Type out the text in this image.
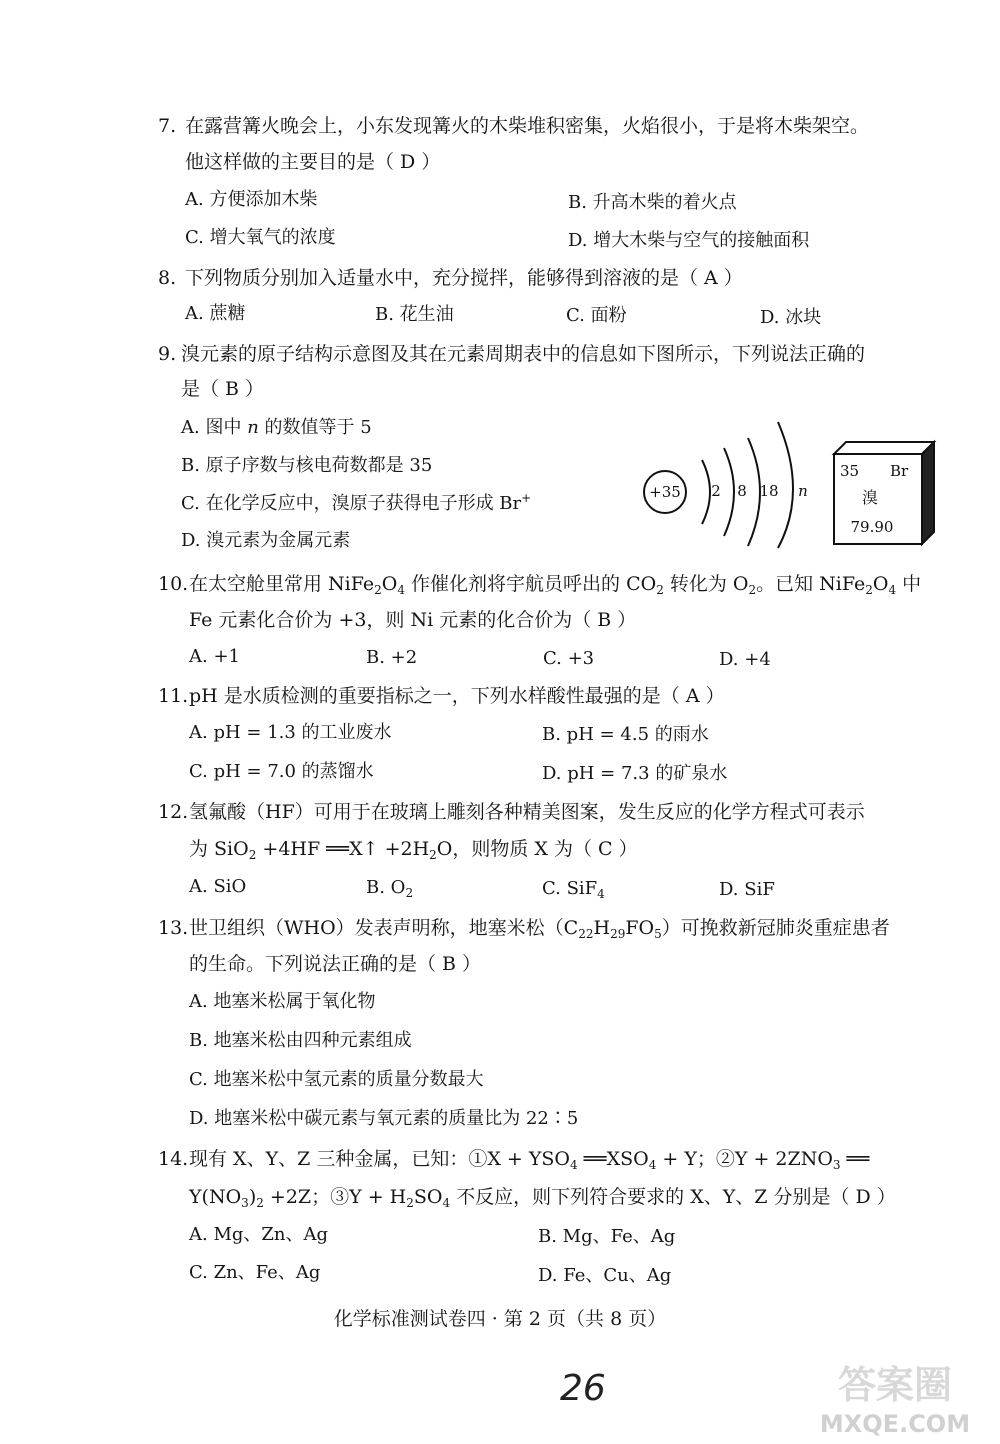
7. 在露营篝火晚会上，小东发现篝火的木柴堆积密集，火焰很小，于是将木柴架空。
他这样做的主要目的是（ D ）
A. 方便添加木柴	B. 升高木柴的着火点
C. 增大氧气的浓度	D. 增大木柴与空气的接触面积
8. 下列物质分别加入适量水中，充分搅拌，能够得到溶液的是（ A ）
A. 蔗糖	B. 花生油	C. 面粉	D. 冰块
9. 溴元素的原子结构示意图及其在元素周期表中的信息如下图所示，下列说法正确的
是（ B ）
A. 图中 n 的数值等于 5
B. 原子序数与核电荷数都是 35
C. 在化学反应中，溴原子获得电子形成 Br+
D. 溴元素为金属元素
+35 2 8 18 n
35 Br
溴
79.90
10. 在太空舱里常用 $NiFe_2O_4$ 作催化剂将宇航员呼出的 $CO_2$ 转化为 $O_2$。已知 $NiFe_2O_4$ 中
Fe 元素化合价为 +3，则 Ni 元素的化合价为（ B ）
A. +1	B. +2	C. +3	D. +4
11. pH 是水质检测的重要指标之一，下列水样酸性最强的是（ A ）
A. pH = 1.3 的工业废水	B. pH = 4.5 的雨水
C. pH = 7.0 的蒸馏水	D. pH = 7.3 的矿泉水
12. 氢氟酸（HF）可用于在玻璃上雕刻各种精美图案，发生反应的化学方程式可表示
为 SiO$_2$ +4HF ══X↑ $+2H_2O$，则物质 X 为（ C ）
A. SiO	B. $O_2$	C. SiF$_4$	D. SiF
13. 世卫组织（WHO）发表声明称，地塞米松$(C_{22}H_{29}FO_5)$可挽救新冠肺炎重症患者
的生命。下列说法正确的是（ B ）
A. 地塞米松属于氧化物
B. 地塞米松由四种元素组成
C. 地塞米松中氢元素的质量分数最大
D. 地塞米松中碳元素与氧元素的质量比为 22∶5
14. 现有 X、Y、Z 三种金属，已知：①X + $YSO_4$ $══XSO_4 + Y$；②Y + $2ZNO_3$ ══
$Y(NO_3)_2 +2Z$；③Y + $H_2SO_4$ 不反应，则下列符合要求的 X、Y、Z 分别是（ D ）
A. Mg、Zn、Ag	B. Mg、Fe、Ag
C. Zn、Fe、Ag	D. Fe、Cu、Ag
化学标准测试卷四 · 第 2 页（共 8 页）
26	答案圈
MXQE.COM
